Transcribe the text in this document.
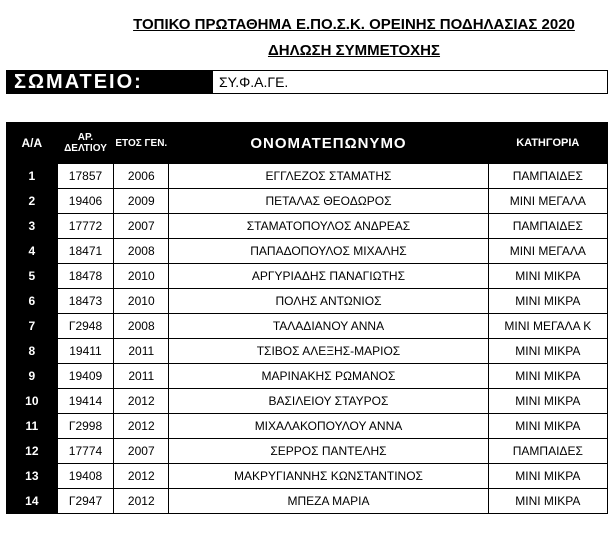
ΤΟΠΙΚΟ ΠΡΩΤΑΘΗΜΑ Ε.ΠΟ.Σ.Κ. ΟΡΕΙΝΗΣ ΠΟΔΗΛΑΣΙΑΣ 2020
ΔΗΛΩΣΗ ΣΥΜΜΕΤΟΧΗΣ
ΣΩΜΑΤΕΙΟ:	ΣΥ.Φ.Α.ΓΕ.
Α/Α	ΑΡ. ΔΕΛΤΙΟΥ	ΕΤΟΣ ΓΕΝ.	ΟΝΟΜΑΤΕΠΩΝΥΜΟ	ΚΑΤΗΓΟΡΙΑ
1	17857	2006	ΕΓΓΛΕΖΟΣ ΣΤΑΜΑΤΗΣ	ΠΑΜΠΑΙΔΕΣ
2	19406	2009	ΠΕΤΑΛΑΣ ΘΕΟΔΩΡΟΣ	ΜΙΝΙ ΜΕΓΑΛΑ
3	17772	2007	ΣΤΑΜΑΤΟΠΟΥΛΟΣ ΑΝΔΡΕΑΣ	ΠΑΜΠΑΙΔΕΣ
4	18471	2008	ΠΑΠΑΔΟΠΟΥΛΟΣ ΜΙΧΑΛΗΣ	ΜΙΝΙ ΜΕΓΑΛΑ
5	18478	2010	ΑΡΓΥΡΙΑΔΗΣ ΠΑΝΑΓΙΩΤΗΣ	ΜΙΝΙ ΜΙΚΡΑ
6	18473	2010	ΠΟΛΗΣ ΑΝΤΩΝΙΟΣ	ΜΙΝΙ ΜΙΚΡΑ
7	Γ2948	2008	ΤΑΛΑΔΙΑΝΟΥ ΑΝΝΑ	ΜΙΝΙ ΜΕΓΑΛΑ Κ
8	19411	2011	ΤΣΙΒΟΣ ΑΛΕΞΗΣ-ΜΑΡΙΟΣ	ΜΙΝΙ ΜΙΚΡΑ
9	19409	2011	ΜΑΡΙΝΑΚΗΣ ΡΩΜΑΝΟΣ	ΜΙΝΙ ΜΙΚΡΑ
10	19414	2012	ΒΑΣΙΛΕΙΟΥ ΣΤΑΥΡΟΣ	ΜΙΝΙ ΜΙΚΡΑ
11	Γ2998	2012	ΜΙΧΑΛΑΚΟΠΟΥΛΟΥ ΑΝΝΑ	ΜΙΝΙ ΜΙΚΡΑ
12	17774	2007	ΣΕΡΡΟΣ ΠΑΝΤΕΛΗΣ	ΠΑΜΠΑΙΔΕΣ
13	19408	2012	ΜΑΚΡΥΓΙΑΝΝΗΣ ΚΩΝΣΤΑΝΤΙΝΟΣ	ΜΙΝΙ ΜΙΚΡΑ
14	Γ2947	2012	ΜΠΕΖΑ ΜΑΡΙΑ	ΜΙΝΙ ΜΙΚΡΑ
